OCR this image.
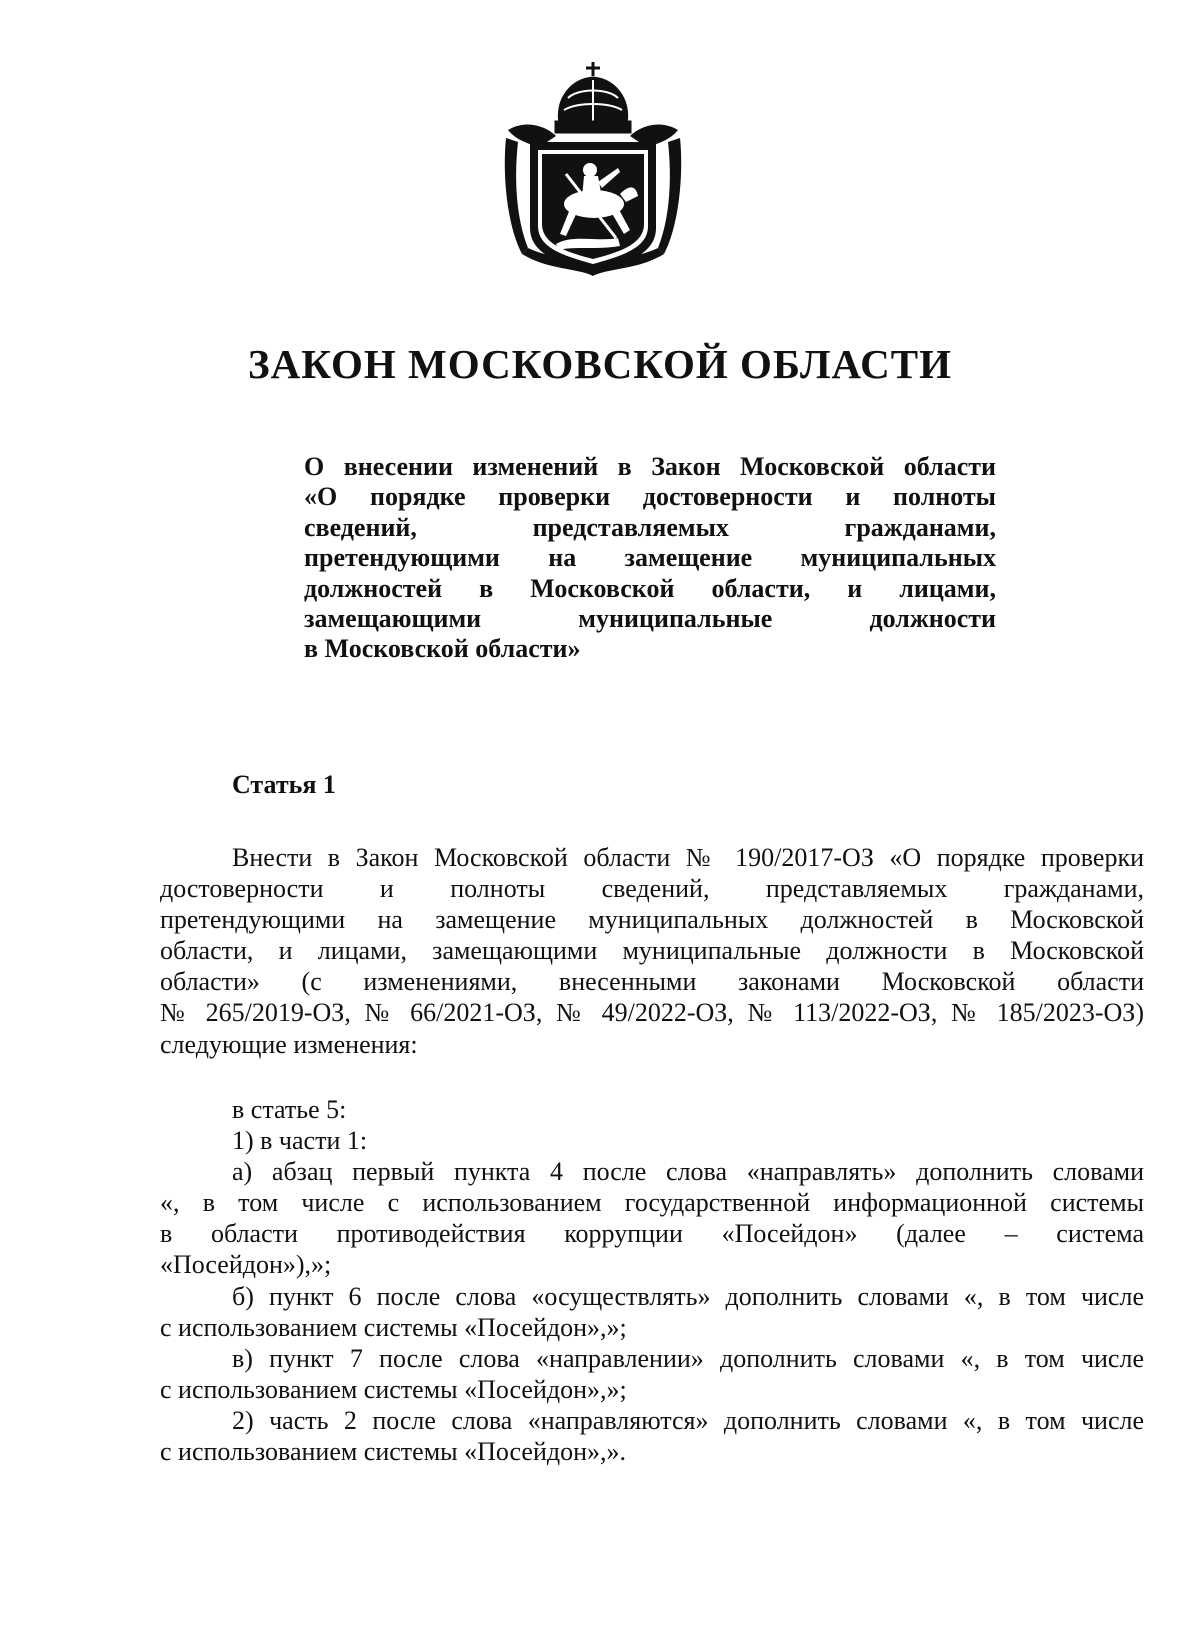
ЗАКОН МОСКОВСКОЙ ОБЛАСТИ
О внесении изменений в Закон Московской области
«О порядке проверки достоверности и полноты
сведений, представляемых гражданами,
претендующими на замещение муниципальных
должностей в Московской области, и лицами,
замещающими муниципальные должности
в Московской области»
Статья 1
Внести в Закон Московской области № 190/2017-ОЗ «О порядке проверки
достоверности и полноты сведений, представляемых гражданами,
претендующими на замещение муниципальных должностей в Московской
области, и лицами, замещающими муниципальные должности в Московской
области» (с изменениями, внесенными законами Московской области
№ 265/2019-ОЗ, № 66/2021-ОЗ, № 49/2022-ОЗ, № 113/2022-ОЗ, № 185/2023-ОЗ)
следующие изменения:
в статье 5:
1) в части 1:
а) абзац первый пункта 4 после слова «направлять» дополнить словами
«, в том числе с использованием государственной информационной системы
в области противодействия коррупции «Посейдон» (далее – система
«Посейдон»),»;
б) пункт 6 после слова «осуществлять» дополнить словами «, в том числе
с использованием системы «Посейдон»,»;
в) пункт 7 после слова «направлении» дополнить словами «, в том числе
с использованием системы «Посейдон»,»;
2) часть 2 после слова «направляются» дополнить словами «, в том числе
с использованием системы «Посейдон»,».
